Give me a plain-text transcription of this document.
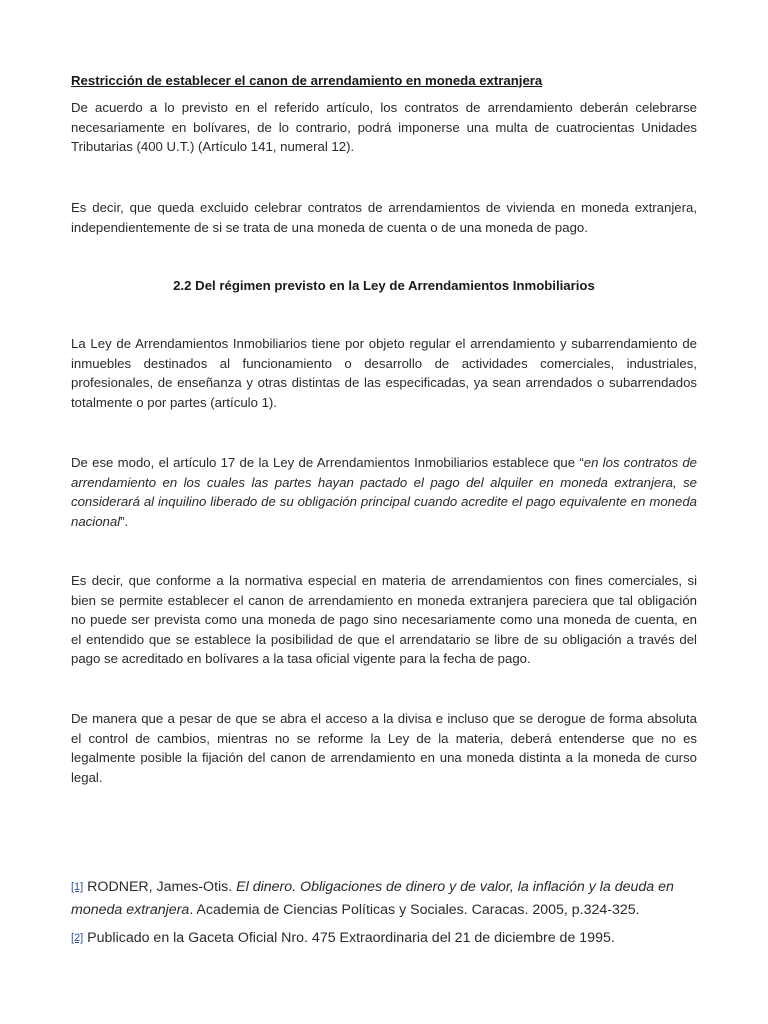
Restricción de establecer el canon de arrendamiento en moneda extranjera

De acuerdo a lo previsto en el referido artículo, los contratos de arrendamiento deberán celebrarse necesariamente en bolívares, de lo contrario, podrá imponerse una multa de cuatrocientas Unidades Tributarias (400 U.T.) (Artículo 141, numeral 12).

Es decir, que queda excluido celebrar contratos de arrendamientos de vivienda en moneda extranjera, independientemente de si se trata de una moneda de cuenta o de una moneda de pago.

2.2 Del régimen previsto en la Ley de Arrendamientos Inmobiliarios

La Ley de Arrendamientos Inmobiliarios tiene por objeto regular el arrendamiento y subarrendamiento de inmuebles destinados al funcionamiento o desarrollo de actividades comerciales, industriales, profesionales, de enseñanza y otras distintas de las especificadas, ya sean arrendados o subarrendados totalmente o por partes (artículo 1).

De ese modo, el artículo 17 de la Ley de Arrendamientos Inmobiliarios establece que “en los contratos de arrendamiento en los cuales las partes hayan pactado el pago del alquiler en moneda extranjera, se considerará al inquilino liberado de su obligación principal cuando acredite el pago equivalente en moneda nacional”.

Es decir, que conforme a la normativa especial en materia de arrendamientos con fines comerciales, si bien se permite establecer el canon de arrendamiento en moneda extranjera pareciera que tal obligación no puede ser prevista como una moneda de pago sino necesariamente como una moneda de cuenta, en el entendido que se establece la posibilidad de que el arrendatario se libre de su obligación a través del pago se acreditado en bolívares a la tasa oficial vigente para la fecha de pago.

De manera que a pesar de que se abra el acceso a la divisa e incluso que se derogue de forma absoluta el control de cambios, mientras no se reforme la Ley de la materia, deberá entenderse que no es legalmente posible la fijación del canon de arrendamiento en una moneda distinta a la moneda de curso legal.

[1] RODNER, James-Otis. El dinero. Obligaciones de dinero y de valor, la inflación y la deuda en moneda extranjera. Academia de Ciencias Políticas y Sociales. Caracas. 2005, p.324-325.

[2] Publicado en la Gaceta Oficial Nro. 475 Extraordinaria del 21 de diciembre de 1995.
